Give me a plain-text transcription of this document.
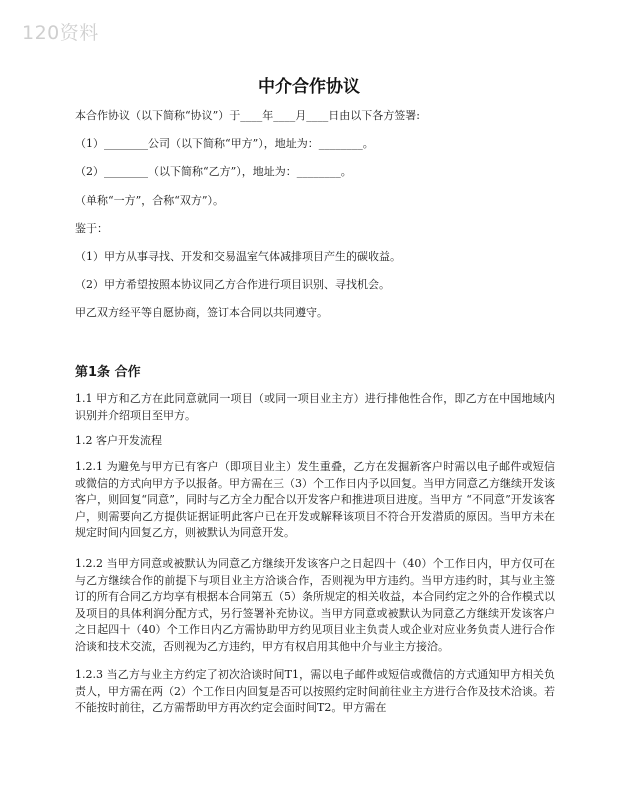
120资料
中介合作协议
本合作协议（以下简称“协议”）于____年____月____日由以下各方签署:
（1）________公司（以下简称“甲方”），地址为：________。
（2）________（以下简称“乙方”），地址为：________。
（单称“一方”，合称“双方”）。
鉴于：
（1）甲方从事寻找、开发和交易温室气体减排项目产生的碳收益。
（2）甲方希望按照本协议同乙方合作进行项目识别、寻找机会。
甲乙双方经平等自愿协商，签订本合同以共同遵守。
第1条 合作
1.1 甲方和乙方在此同意就同一项目（或同一项目业主方）进行排他性合作，即乙方在中国地域内识别并介绍项目至甲方。
1.2 客户开发流程
1.2.1 为避免与甲方已有客户（即项目业主）发生重叠，乙方在发掘新客户时需以电子邮件或短信或微信的方式向甲方予以报备。甲方需在三（3）个工作日内予以回复。当甲方同意乙方继续开发该客户，则回复“同意”，同时与乙方全力配合以开发客户和推进项目进度。当甲方 “不同意”开发该客户，则需要向乙方提供证据证明此客户已在开发或解释该项目不符合开发潜质的原因。当甲方未在规定时间内回复乙方，则被默认为同意开发。
1.2.2 当甲方同意或被默认为同意乙方继续开发该客户之日起四十（40）个工作日内，甲方仅可在与乙方继续合作的前提下与项目业主方洽谈合作，否则视为甲方违约。当甲方违约时，其与业主签订的所有合同乙方均享有根据本合同第五（5）条所规定的相关收益，本合同约定之外的合作模式以及项目的具体利润分配方式，另行签署补充协议。当甲方同意或被默认为同意乙方继续开发该客户之日起四十（40）个工作日内乙方需协助甲方约见项目业主负责人或企业对应业务负责人进行合作洽谈和技术交流，否则视为乙方违约，甲方有权启用其他中介与业主方接洽。
1.2.3 当乙方与业主方约定了初次洽谈时间T1，需以电子邮件或短信或微信的方式通知甲方相关负责人，甲方需在两（2）个工作日内回复是否可以按照约定时间前往业主方进行合作及技术洽谈。若不能按时前往，乙方需帮助甲方再次约定会面时间T2。甲方需在
